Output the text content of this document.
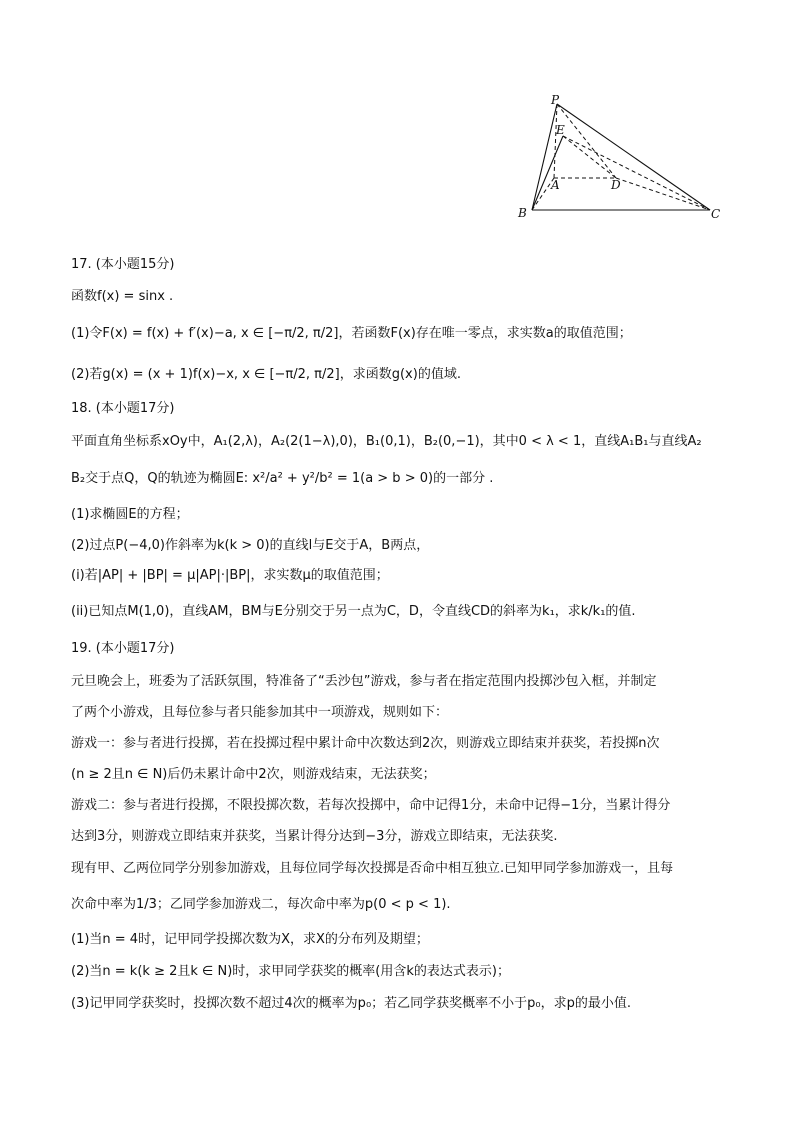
P
E
A	D
B	C
17. (本小题15分)
函数f(x) = sinx .
(1)令F(x) = f(x) + f′(x)−a, x ∈ [−π/2, π/2]，若函数F(x)存在唯一零点，求实数a的取值范围；
(2)若g(x) = (x + 1)f(x)−x, x ∈ [−π/2, π/2]，求函数g(x)的值域.
18. (本小题17分)
平面直角坐标系xOy中，A₁(2,λ)，A₂(2(1−λ),0)，B₁(0,1)，B₂(0,−1)，其中0 < λ < 1，直线A₁B₁与直线A₂
B₂交于点Q，Q的轨迹为椭圆E: x²/a² + y²/b² = 1(a > b > 0)的一部分 .
(1)求椭圆E的方程；
(2)过点P(−4,0)作斜率为k(k > 0)的直线l与E交于A，B两点，
(i)若|AP| + |BP| = μ|AP|·|BP|，求实数μ的取值范围；
(ii)已知点M(1,0)，直线AM，BM与E分别交于另一点为C，D，令直线CD的斜率为k₁，求k/k₁的值.
19. (本小题17分)
元旦晚会上，班委为了活跃氛围，特准备了“丢沙包”游戏，参与者在指定范围内投掷沙包入框，并制定
了两个小游戏，且每位参与者只能参加其中一项游戏，规则如下：
游戏一：参与者进行投掷，若在投掷过程中累计命中次数达到2次，则游戏立即结束并获奖，若投掷n次
(n ≥ 2且n ∈ N)后仍未累计命中2次，则游戏结束，无法获奖；
游戏二：参与者进行投掷，不限投掷次数，若每次投掷中，命中记得1分，未命中记得−1分，当累计得分
达到3分，则游戏立即结束并获奖，当累计得分达到−3分，游戏立即结束，无法获奖.
现有甲、乙两位同学分别参加游戏，且每位同学每次投掷是否命中相互独立.已知甲同学参加游戏一，且每
次命中率为1/3；乙同学参加游戏二，每次命中率为p(0 < p < 1).
(1)当n = 4时，记甲同学投掷次数为X，求X的分布列及期望；
(2)当n = k(k ≥ 2且k ∈ N)时，求甲同学获奖的概率(用含k的表达式表示)；
(3)记甲同学获奖时，投掷次数不超过4次的概率为p₀；若乙同学获奖概率不小于p₀，求p的最小值.
